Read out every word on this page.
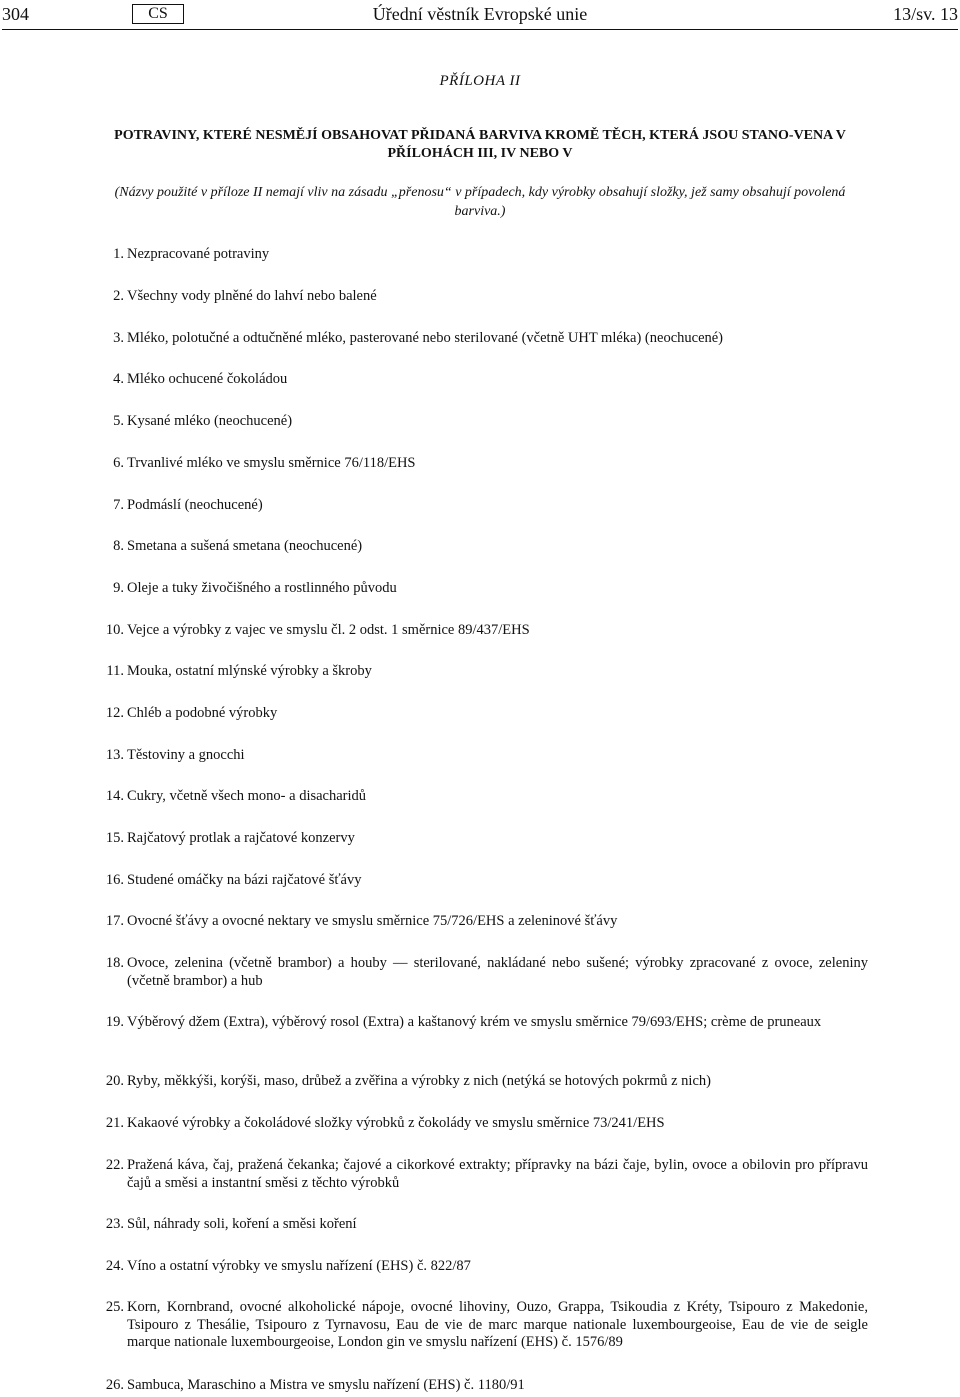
304	CS	Úřední věstník Evropské unie	13/sv. 13
PŘÍLOHA II
POTRAVINY, KTERÉ NESMĚJÍ OBSAHOVAT PŘIDANÁ BARVIVA KROMĚ TĚCH, KTERÁ JSOU STANO-VENA V PŘÍLOHÁCH III, IV NEBO V
(Názvy použité v příloze II nemají vliv na zásadu „přenosu“ v případech, kdy výrobky obsahují složky, jež samy obsahují povolená barviva.)
1. Nezpracované potraviny
2. Všechny vody plněné do lahví nebo balené
3. Mléko, polotučné a odtučněné mléko, pasterované nebo sterilované (včetně UHT mléka) (neochucené)
4. Mléko ochucené čokoládou
5. Kysané mléko (neochucené)
6. Trvanlivé mléko ve smyslu směrnice 76/118/EHS
7. Podmáslí (neochucené)
8. Smetana a sušená smetana (neochucené)
9. Oleje a tuky živočišného a rostlinného původu
10. Vejce a výrobky z vajec ve smyslu čl. 2 odst. 1 směrnice 89/437/EHS
11. Mouka, ostatní mlýnské výrobky a škroby
12. Chléb a podobné výrobky
13. Těstoviny a gnocchi
14. Cukry, včetně všech mono- a disacharidů
15. Rajčatový protlak a rajčatové konzervy
16. Studené omáčky na bázi rajčatové šťávy
17. Ovocné šťávy a ovocné nektary ve smyslu směrnice 75/726/EHS a zeleninové šťávy
18. Ovoce, zelenina (včetně brambor) a houby — sterilované, nakládané nebo sušené; výrobky zpracované z ovoce, zeleniny (včetně brambor) a hub
19. Výběrový džem (Extra), výběrový rosol (Extra) a kaštanový krém ve smyslu směrnice 79/693/EHS; crème de pruneaux
20. Ryby, měkkýši, korýši, maso, drůbež a zvěřina a výrobky z nich (netýká se hotových pokrmů z nich)
21. Kakaové výrobky a čokoládové složky výrobků z čokolády ve smyslu směrnice 73/241/EHS
22. Pražená káva, čaj, pražená čekanka; čajové a cikorkové extrakty; přípravky na bázi čaje, bylin, ovoce a obilovin pro přípravu čajů a směsi a instantní směsi z těchto výrobků
23. Sůl, náhrady soli, koření a směsi koření
24. Víno a ostatní výrobky ve smyslu nařízení (EHS) č. 822/87
25. Korn, Kornbrand, ovocné alkoholické nápoje, ovocné lihoviny, Ouzo, Grappa, Tsikoudia z Kréty, Tsipouro z Makedonie, Tsipouro z Thesálie, Tsipouro z Tyrnavosu, Eau de vie de marc marque nationale luxembourgeoise, Eau de vie de seigle marque nationale luxembourgeoise, London gin ve smyslu nařízení (EHS) č. 1576/89
26. Sambuca, Maraschino a Mistra ve smyslu nařízení (EHS) č. 1180/91
